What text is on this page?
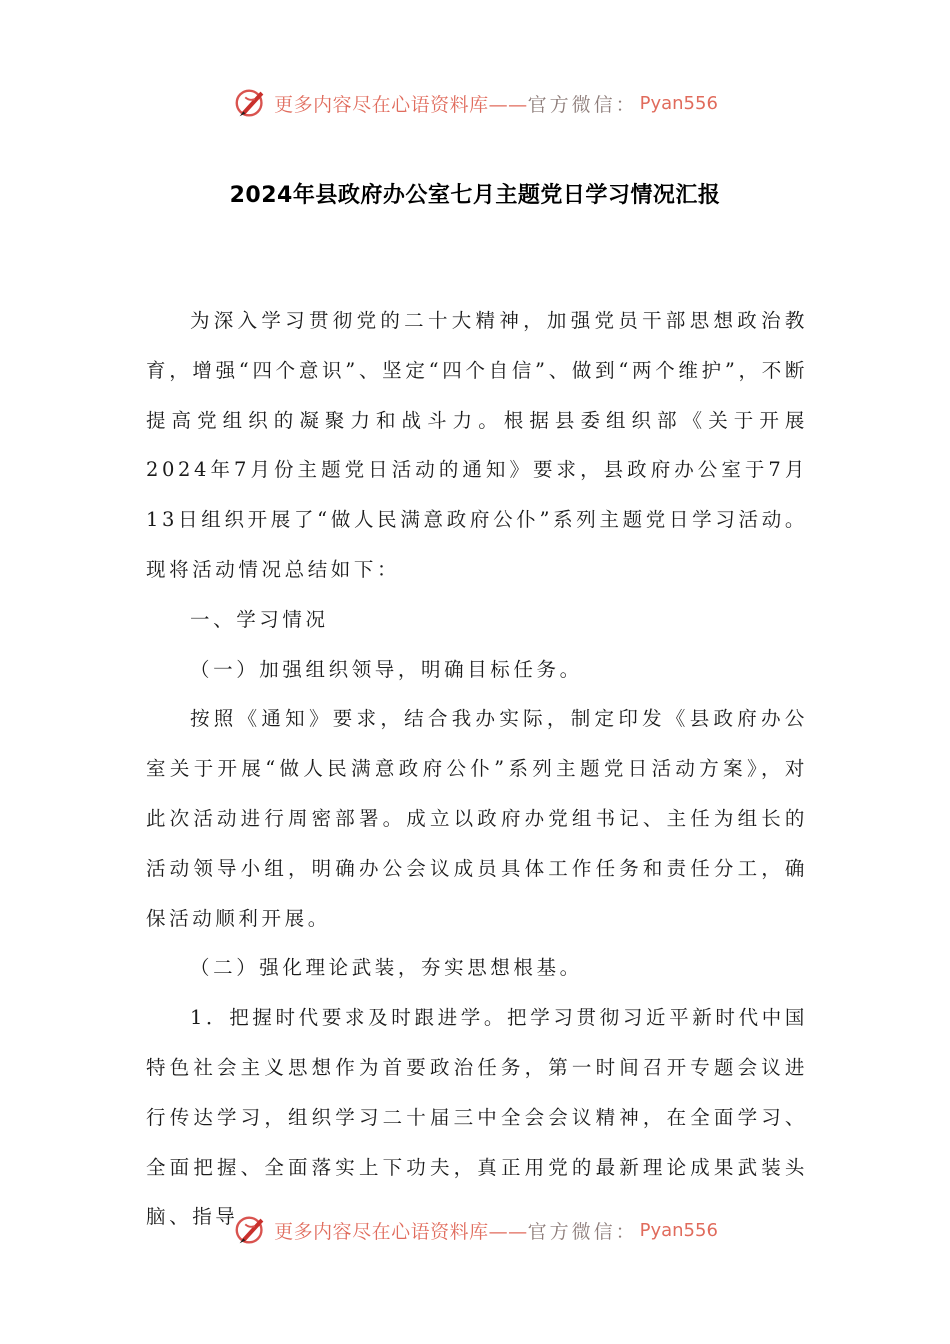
更多内容尽在心语资料库—— 官方微信： Pyan556
2024年县政府办公室七月主题党日学习情况汇报

为深入学习贯彻党的二十大精神，加强党员干部思想政治教育，增强“四个意识”、坚定“四个自信”、做到“两个维护”，不断提高党组织的凝聚力和战斗力。根据县委组织部《关于开展2024年7月份主题党日活动的通知》要求，县政府办公室于7月13日组织开展了“做人民满意政府公仆”系列主题党日学习活动。现将活动情况总结如下：

一、学习情况

（一）加强组织领导，明确目标任务。

按照《通知》要求，结合我办实际，制定印发《县政府办公室关于开展“做人民满意政府公仆”系列主题党日活动方案》，对此次活动进行周密部署。成立以政府办党组书记、主任为组长的活动领导小组，明确办公会议成员具体工作任务和责任分工，确保活动顺利开展。

（二）强化理论武装，夯实思想根基。

1．把握时代要求及时跟进学。把学习贯彻习近平新时代中国特色社会主义思想作为首要政治任务，第一时间召开专题会议进行传达学习，组织学习二十届三中全会会议精神，在全面学习、全面把握、全面落实上下功夫，真正用党的最新理论成果武装头脑、指导

更多内容尽在心语资料库—— 官方微信： Pyan556
